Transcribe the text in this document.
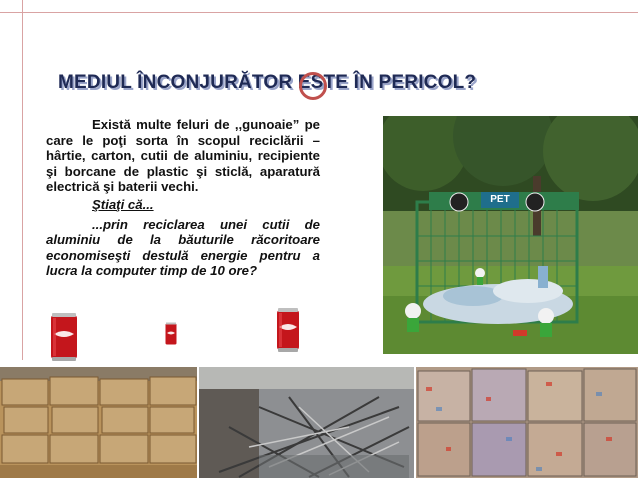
MEDIUL ÎNCONJURĂTOR ESTE ÎN PERICOL?

Există multe feluri de ,,gunoaie” pe care le poţi sorta în scopul reciclării – hârtie, carton, cutii de aluminiu, recipiente şi borcane de plastic şi sticlă, aparatură electrică şi baterii vechi.

Ştiaţi că...

...prin reciclarea unei cutii de aluminiu de la băuturile răcoritoare economiseşti destulă energie pentru a lucra la computer timp de 10 ore?

PET
